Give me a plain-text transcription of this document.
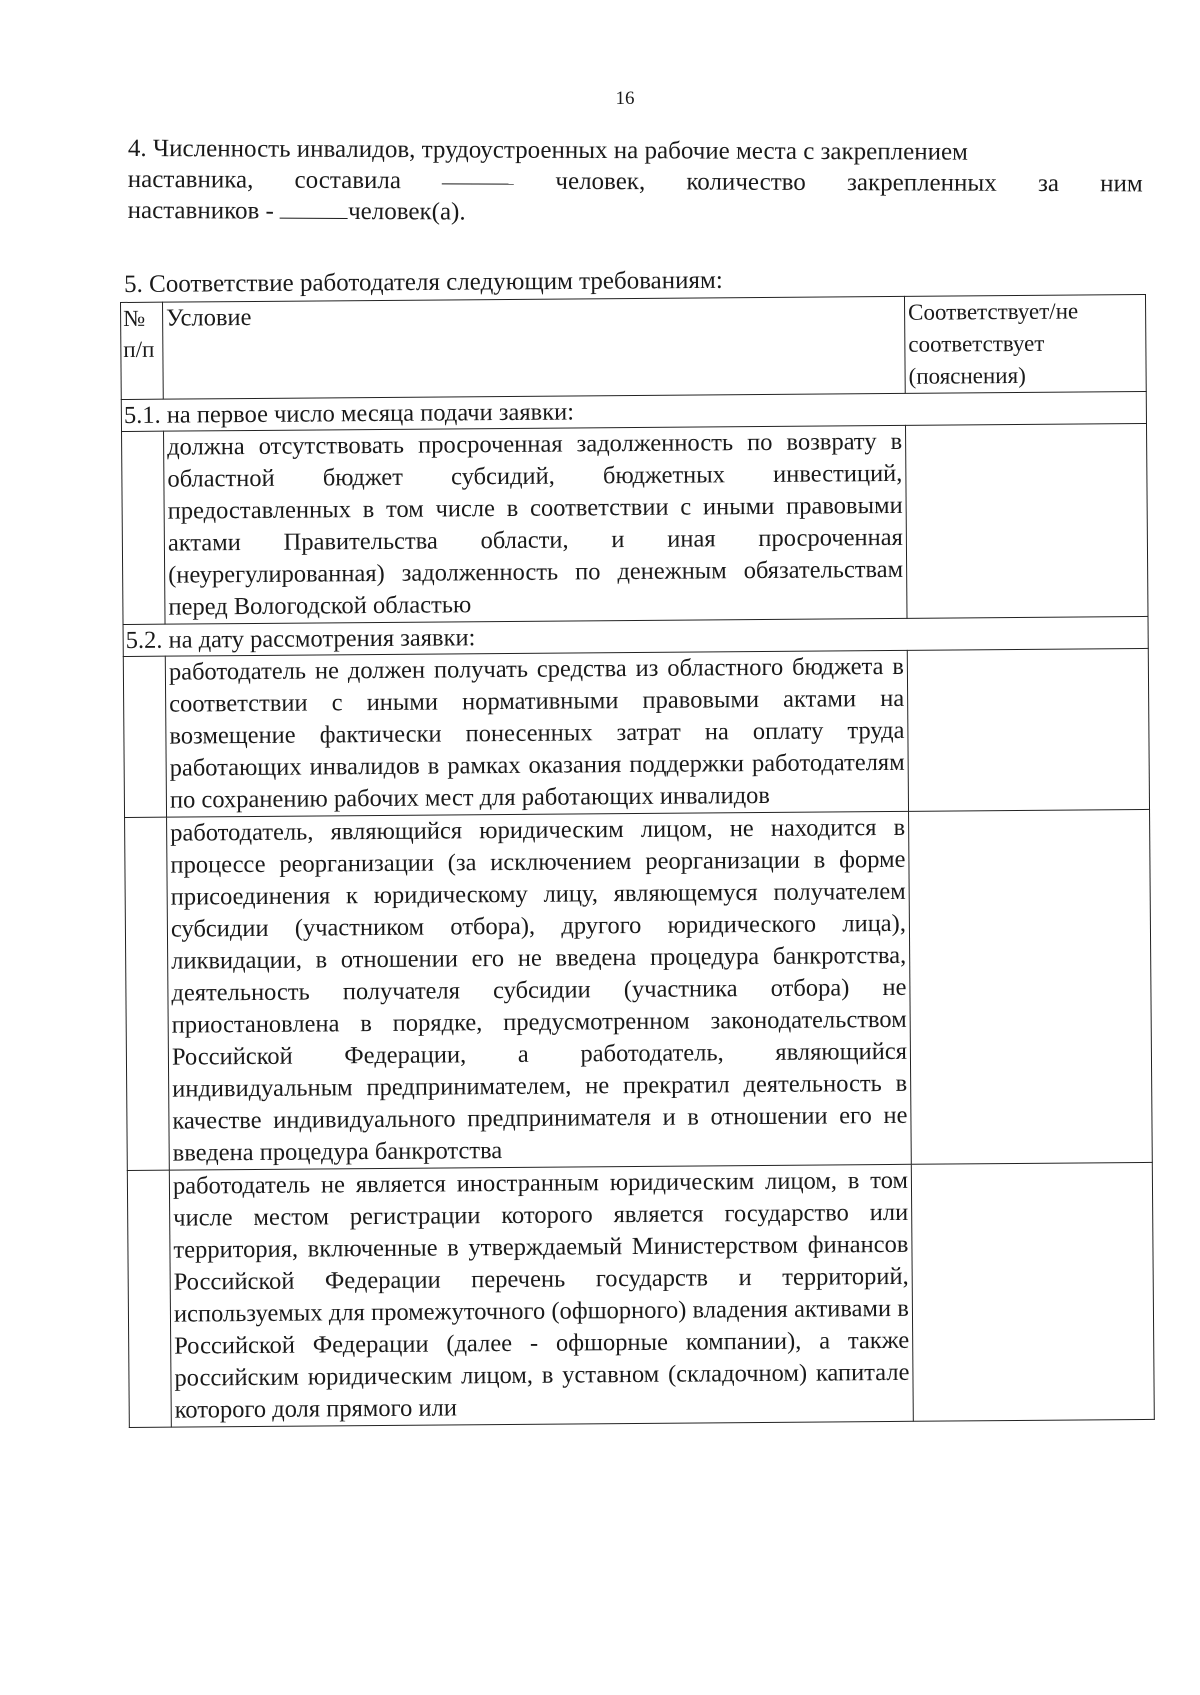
16
4. Численность инвалидов, трудоустроенных на рабочие места с закреплением
наставника, составила	человек, количество закрепленных за ним
наставников -	человек(а).
5. Соответствие работодателя следующим требованиям:
№ п/п	Условие	Соответствует/не соответствует (пояснения)
5.1. на первое число месяца подачи заявки:		
	должна отсутствовать просроченная задолженность по возврату в областной бюджет субсидий, бюджетных инвестиций, предоставленных в том числе в соответствии с иными правовыми актами Правительства области, и иная просроченная (неурегулированная) задолженность по денежным обязательствам перед Вологодской областью	
5.2. на дату рассмотрения заявки:		
	работодатель не должен получать средства из областного бюджета в соответствии с иными нормативными правовыми актами на возмещение фактически понесенных затрат на оплату труда работающих инвалидов в рамках оказания поддержки работодателям по сохранению рабочих мест для работающих инвалидов	
	работодатель, являющийся юридическим лицом, не находится в процессе реорганизации (за исключением реорганизации в форме присоединения к юридическому лицу, являющемуся получателем субсидии (участником отбора), другого юридического лица), ликвидации, в отношении его не введена процедура банкротства, деятельность получателя субсидии (участника отбора) не приостановлена в порядке, предусмотренном законодательством Российской Федерации, а работодатель, являющийся индивидуальным предпринимателем, не прекратил деятельность в качестве индивидуального предпринимателя и в отношении его не введена процедура банкротства	
	работодатель не является иностранным юридическим лицом, в том числе местом регистрации которого является государство или территория, включенные в утверждаемый Министерством финансов Российской Федерации перечень государств и территорий, используемых для промежуточного (офшорного) владения активами в Российской Федерации (далее - офшорные компании), а также российским юридическим лицом, в уставном (складочном) капитале которого доля прямого или	
